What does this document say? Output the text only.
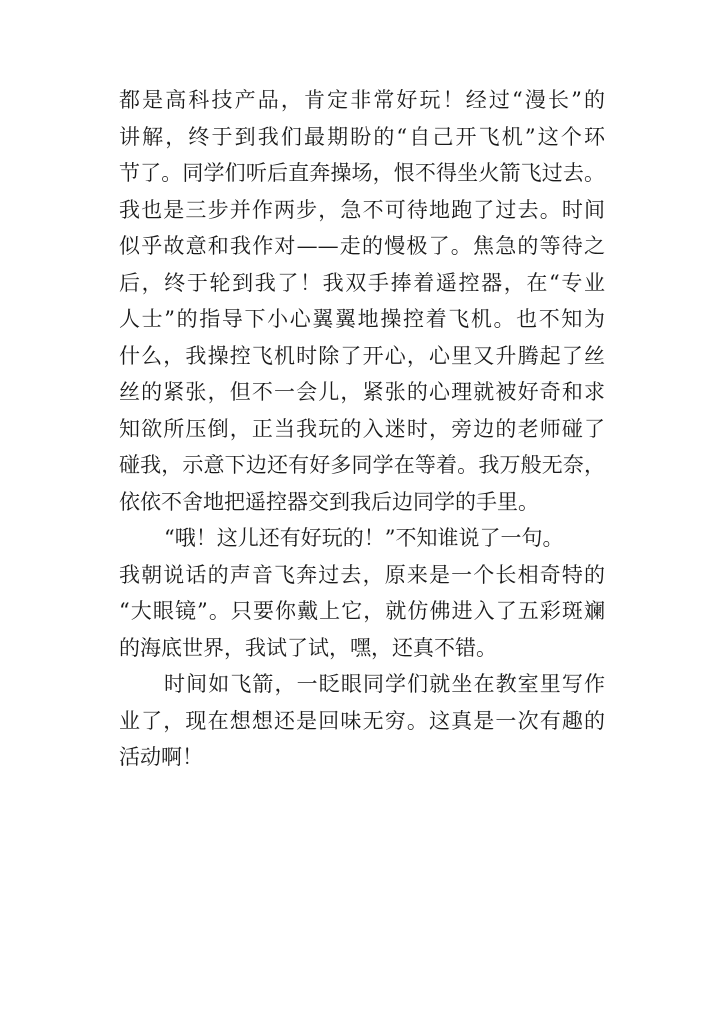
都是高科技产品，肯定非常好玩！经过“漫长”的
讲解，终于到我们最期盼的“自己开飞机”这个环
节了。同学们听后直奔操场，恨不得坐火箭飞过去。
我也是三步并作两步，急不可待地跑了过去。时间
似乎故意和我作对——走的慢极了。焦急的等待之
后，终于轮到我了！我双手捧着遥控器，在“专业
人士”的指导下小心翼翼地操控着飞机。也不知为
什么，我操控飞机时除了开心，心里又升腾起了丝
丝的紧张，但不一会儿，紧张的心理就被好奇和求
知欲所压倒，正当我玩的入迷时，旁边的老师碰了
碰我，示意下边还有好多同学在等着。我万般无奈，
依依不舍地把遥控器交到我后边同学的手里。
“哦！这儿还有好玩的！”不知谁说了一句。
我朝说话的声音飞奔过去，原来是一个长相奇特的
“大眼镜”。只要你戴上它，就仿佛进入了五彩斑斓
的海底世界，我试了试，嘿，还真不错。
时间如飞箭，一眨眼同学们就坐在教室里写作
业了，现在想想还是回味无穷。这真是一次有趣的
活动啊！
